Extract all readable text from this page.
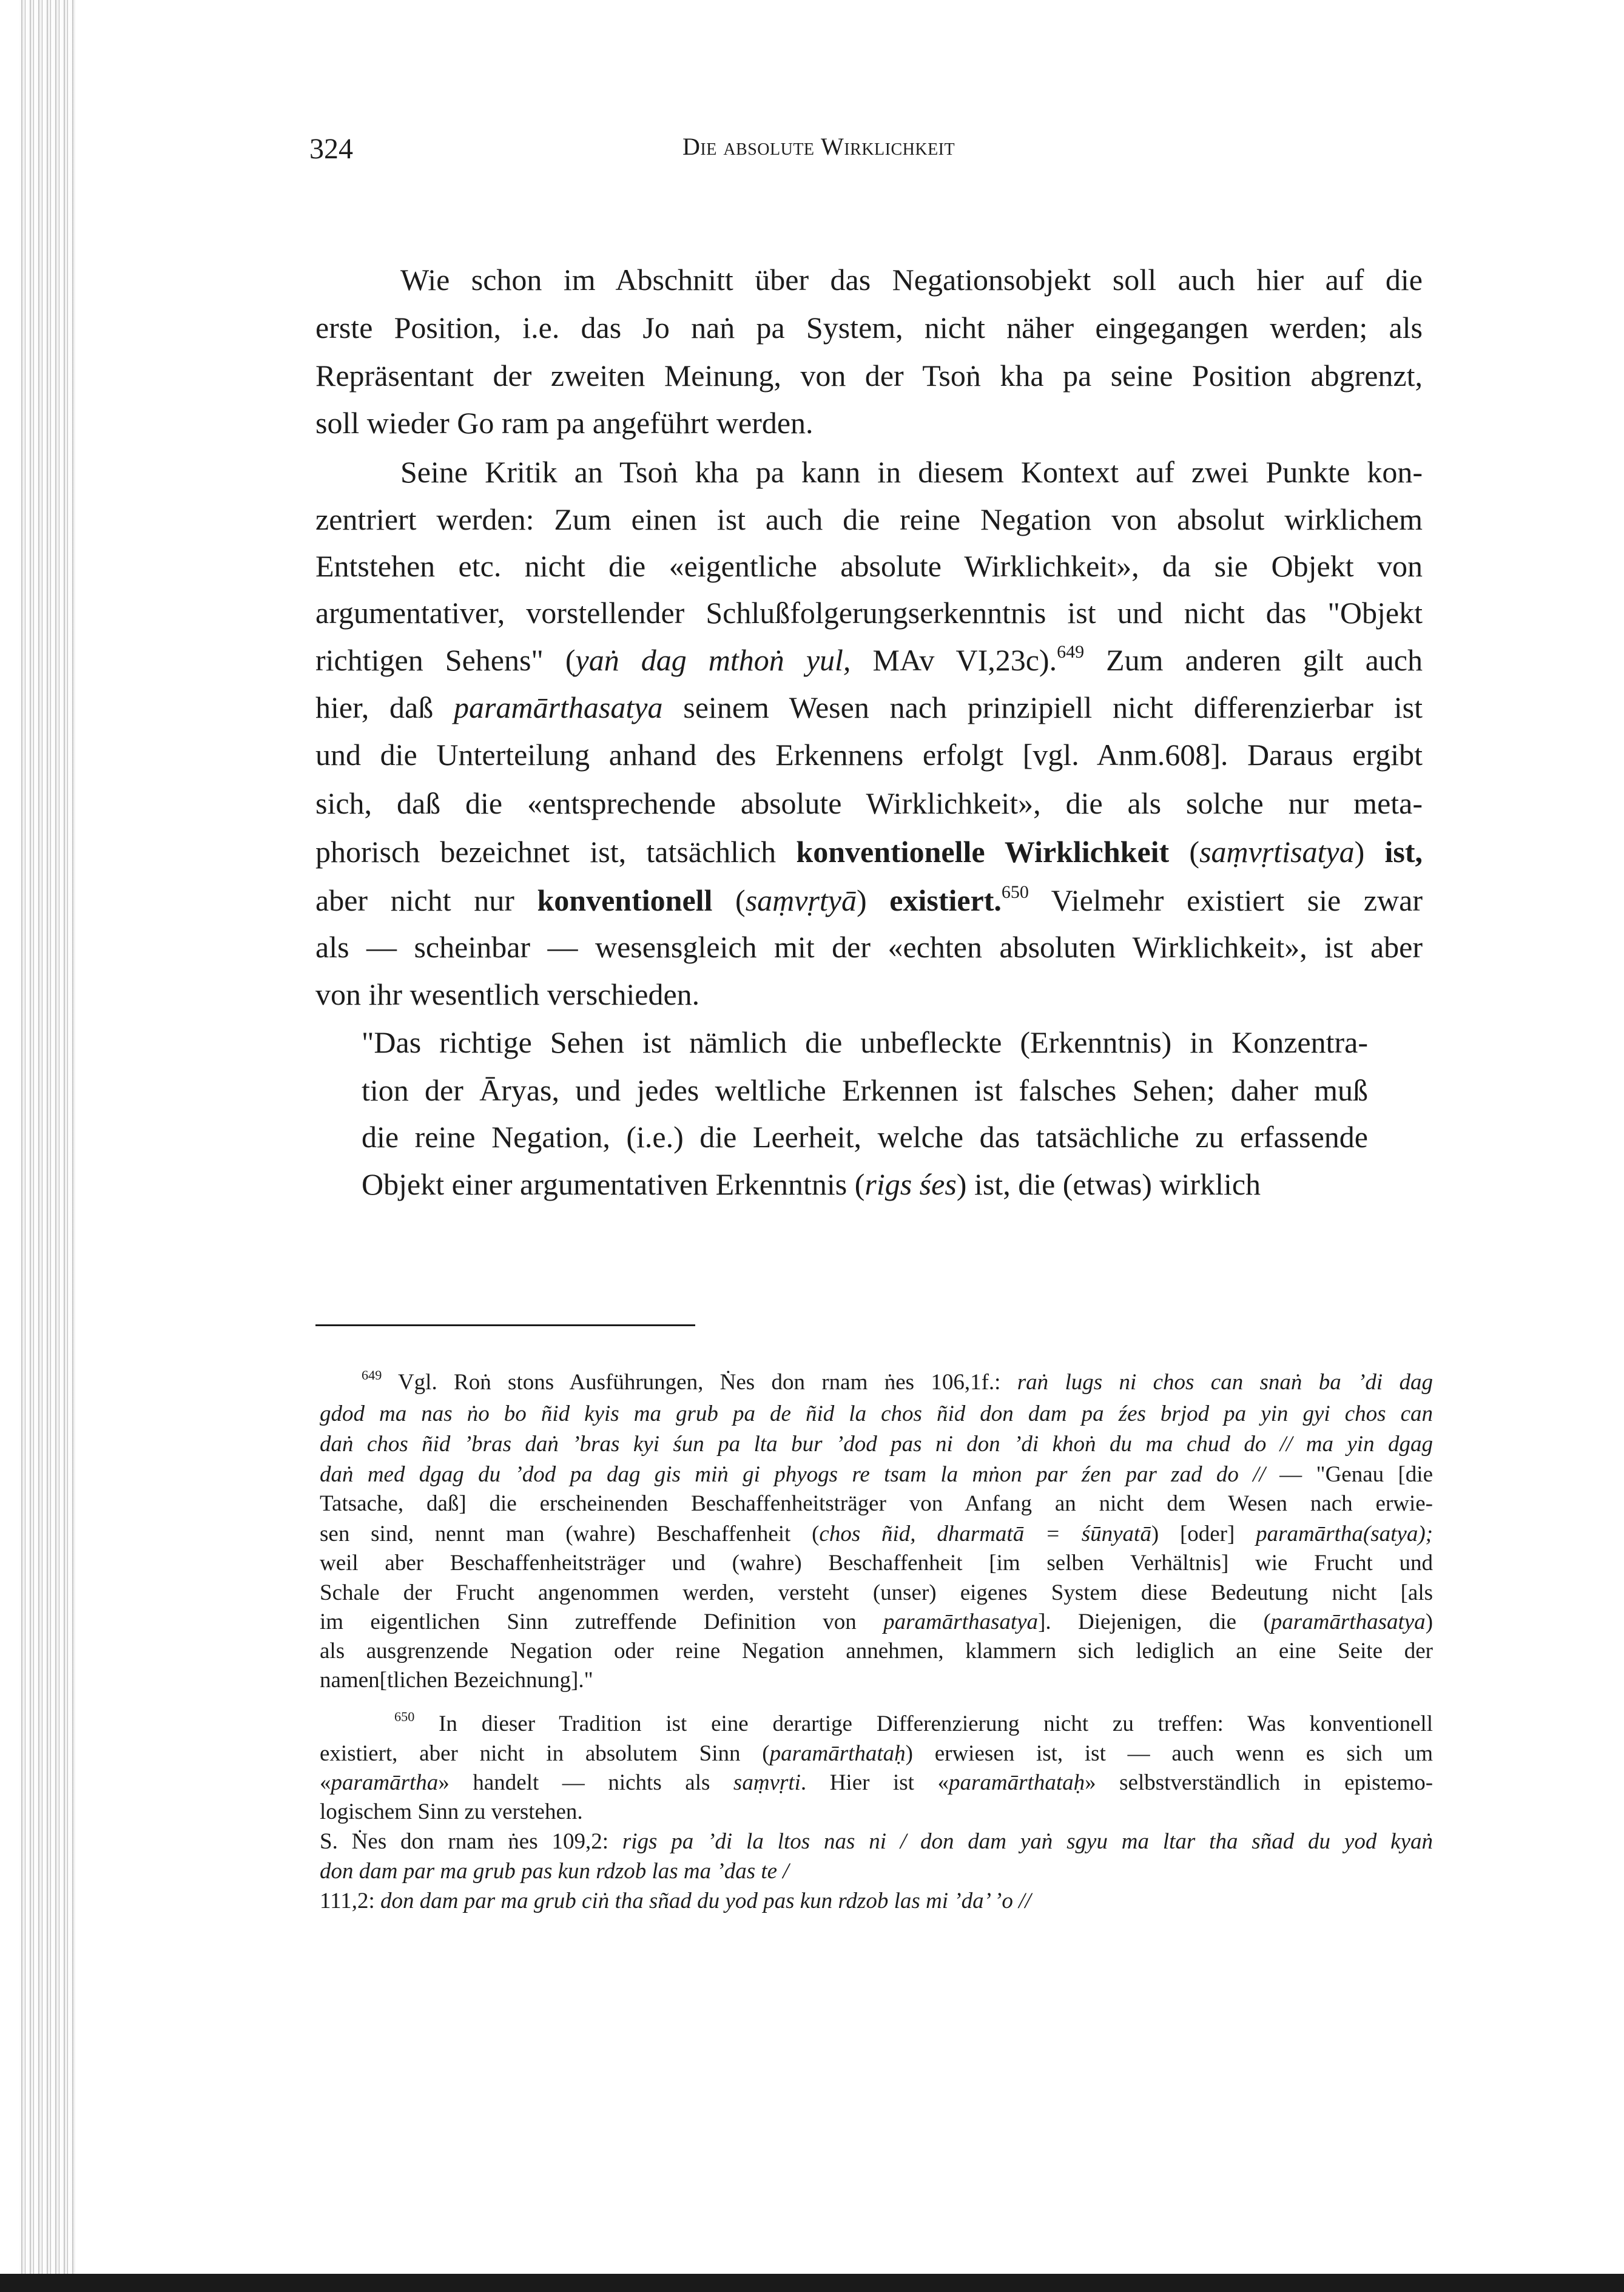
324	Die absolute Wirklichkeit
Wie schon im Abschnitt über das Negationsobjekt soll auch hier auf die
erste Position, i.e. das Jo naṅ pa System, nicht näher eingegangen werden; als
Repräsentant der zweiten Meinung, von der Tsoṅ kha pa seine Position abgrenzt,
soll wieder Go ram pa angeführt werden.
Seine Kritik an Tsoṅ kha pa kann in diesem Kontext auf zwei Punkte kon-
zentriert werden: Zum einen ist auch die reine Negation von absolut wirklichem
Entstehen etc. nicht die «eigentliche absolute Wirklichkeit», da sie Objekt von
argumentativer, vorstellender Schlußfolgerungserkenntnis ist und nicht das "Objekt
richtigen Sehens" (yaṅ dag mthoṅ yul, MAv VI,23c).$^{649}$ Zum anderen gilt auch
hier, daß paramārthasatya seinem Wesen nach prinzipiell nicht differenzierbar ist
und die Unterteilung anhand des Erkennens erfolgt [vgl. Anm.608]. Daraus ergibt
sich, daß die «entsprechende absolute Wirklichkeit», die als solche nur meta-
phorisch bezeichnet ist, tatsächlich konventionelle Wirklichkeit (saṃvṛtisatya) ist,
aber nicht nur konventionell (saṃvṛtyā) existiert.$^{650}$ Vielmehr existiert sie zwar
als — scheinbar — wesensgleich mit der «echten absoluten Wirklichkeit», ist aber
von ihr wesentlich verschieden.
"Das richtige Sehen ist nämlich die unbefleckte (Erkenntnis) in Konzentra-
tion der Āryas, und jedes weltliche Erkennen ist falsches Sehen; daher muß
die reine Negation, (i.e.) die Leerheit, welche das tatsächliche zu erfassende
Objekt einer argumentativen Erkenntnis (rigs śes) ist, die (etwas) wirklich
$^{649}$ Vgl. Roṅ stons Ausführungen, Ṅes don rnam ṅes 106,1f.: raṅ lugs ni chos can snaṅ ba ’di dag
gdod ma nas ṅo bo ñid kyis ma grub pa de ñid la chos ñid don dam pa źes brjod pa yin gyi chos can
daṅ chos ñid ’bras daṅ ’bras kyi śun pa lta bur ’dod pas ni don ’di khoṅ du ma chud do // ma yin dgag
daṅ med dgag du ’dod pa dag gis miṅ gi phyogs re tsam la mṅon par źen par zad do // — "Genau [die
Tatsache, daß] die erscheinenden Beschaffenheitsträger von Anfang an nicht dem Wesen nach erwie-
sen sind, nennt man (wahre) Beschaffenheit (chos ñid, dharmatā = śūnyatā) [oder] paramārtha(satya);
weil aber Beschaffenheitsträger und (wahre) Beschaffenheit [im selben Verhältnis] wie Frucht und
Schale der Frucht angenommen werden, versteht (unser) eigenes System diese Bedeutung nicht [als
im eigentlichen Sinn zutreffende Definition von paramārthasatya]. Diejenigen, die (paramārthasatya)
als ausgrenzende Negation oder reine Negation annehmen, klammern sich lediglich an eine Seite der
namen[tlichen Bezeichnung]."
$^{650}$ In dieser Tradition ist eine derartige Differenzierung nicht zu treffen: Was konventionell
existiert, aber nicht in absolutem Sinn (paramārthataḥ) erwiesen ist, ist — auch wenn es sich um
«paramārtha» handelt — nichts als saṃvṛti. Hier ist «paramārthataḥ» selbstverständlich in epistemo-
logischem Sinn zu verstehen.
S. Ṅes don rnam ṅes 109,2: rigs pa ’di la ltos nas ni / don dam yaṅ sgyu ma ltar tha sñad du yod kyaṅ
don dam par ma grub pas kun rdzob las ma ’das te /
111,2: don dam par ma grub ciṅ tha sñad du yod pas kun rdzob las mi ’da’ ’o //
